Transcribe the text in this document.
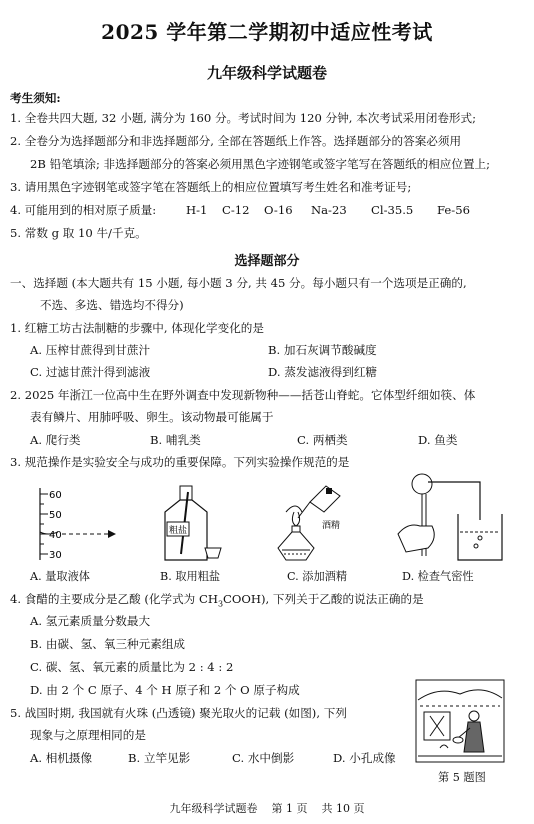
2025 学年第二学期初中适应性考试
九年级科学试题卷
考生须知:
1. 全卷共四大题, 32 小题, 满分为 160 分。考试时间为 120 分钟, 本次考试采用闭卷形式;
2. 全卷分为选择题部分和非选择题部分, 全部在答题纸上作答。选择题部分的答案必须用
2B 铅笔填涂; 非选择题部分的答案必须用黑色字迹钢笔或签字笔写在答题纸的相应位置上;
3. 请用黑色字迹钢笔或签字笔在答题纸上的相应位置填写考生姓名和准考证号;
4. 可能用到的相对原子质量:	H-1 C-12 O-16 Na-23 Cl-35.5 Fe-56
5. 常数 g 取 10 牛/千克。
选择题部分
一、选择题 (本大题共有 15 小题, 每小题 3 分, 共 45 分。每小题只有一个选项是正确的,
不选、多选、错选均不得分)
1. 红糖工坊古法制糖的步骤中, 体现化学变化的是
A. 压榨甘蔗得到甘蔗汁	B. 加石灰调节酸碱度
C. 过滤甘蔗汁得到滤液	D. 蒸发滤液得到红糖
2. 2025 年浙江一位高中生在野外调查中发现新物种——括苍山脊蛇。它体型纤细如筷、体
表有鳞片、用肺呼吸、卵生。该动物最可能属于
A. 爬行类	B. 哺乳类	C. 两栖类	D. 鱼类
3. 规范操作是实验安全与成功的重要保障。下列实验操作规范的是
60
50
40
30
A. 量取液体
粗盐
B. 取用粗盐
酒精
C. 添加酒精	D. 检查气密性
4. 食醋的主要成分是乙酸 (化学式为 $CH_3COOH$), 下列关于乙酸的说法正确的是
A. 氢元素质量分数最大
B. 由碳、氢、氧三种元素组成
C. 碳、氢、氧元素的质量比为 2 : 4 : 2
D. 由 2 个 C 原子、4 个 H 原子和 2 个 O 原子构成
5. 战国时期, 我国就有火珠 (凸透镜) 聚光取火的记载 (如图), 下列
现象与之原理相同的是
A. 相机摄像	B. 立竿见影	C. 水中倒影	D. 小孔成像
第 5 题图
九年级科学试题卷    第 1 页    共 10 页
